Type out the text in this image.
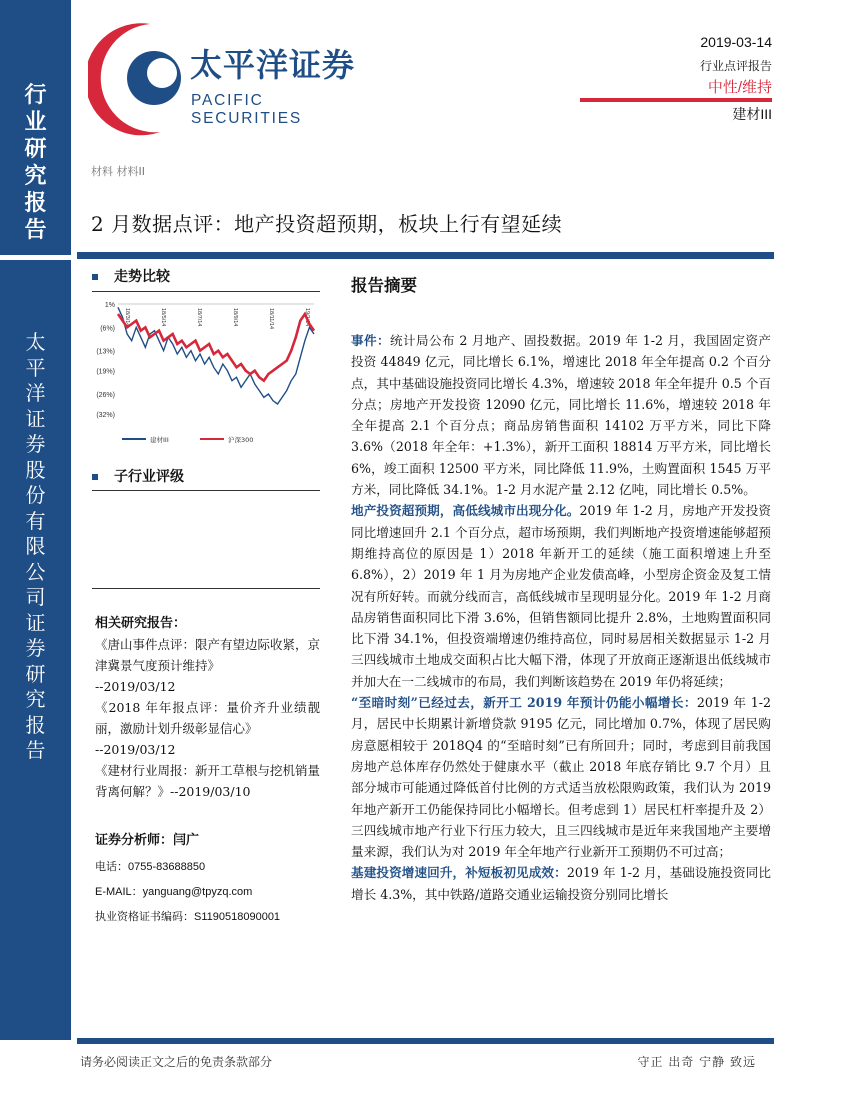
行
业
研
究
报
告
太
平
洋
证
券
股
份
有
限
公
司
证
券
研
究
报
告
太平洋证券
PACIFIC SECURITIES
2019-03-14
行业点评报告
中性/维持
建材III
材料 材料II
2 月数据点评：地产投资超预期，板块上行有望延续
走势比较
1%
(6%)
(13%)
(19%)
(26%)
(32%)
18/3/14	18/5/14	18/7/14	18/9/14	18/11/14	19/1/14
建材III	沪深300
子行业评级
相关研究报告：
《唐山事件点评：限产有望边际收紧，京津冀景气度预计维持》
--2019/03/12
《2018 年年报点评：量价齐升业绩靓丽，激励计划升级彰显信心》
--2019/03/12
《建材行业周报：新开工草根与挖机销量背离何解？》--2019/03/10
证券分析师：闫广
电话：0755-83688850
E-MAIL：yanguang@tpyzq.com
执业资格证书编码：S1190518090001
报告摘要

事件：统计局公布 2 月地产、固投数据。2019 年 1-2 月，我国固定资产投资 44849 亿元，同比增长 6.1%，增速比 2018 年全年提高 0.2 个百分点，其中基础设施投资同比增长 4.3%，增速较 2018 年全年提升 0.5 个百分点；房地产开发投资 12090 亿元，同比增长 11.6%，增速较 2018 年全年提高 2.1 个百分点；商品房销售面积 14102 万平方米，同比下降 3.6%（2018 年全年：+1.3%），新开工面积 18814 万平方米，同比增长 6%，竣工面积 12500 平方米，同比降低 11.9%，土购置面积 1545 万平方米，同比降低 34.1%。1-2 月水泥产量 2.12 亿吨，同比增长 0.5%。

地产投资超预期，高低线城市出现分化。2019 年 1-2 月，房地产开发投资同比增速回升 2.1 个百分点，超市场预期，我们判断地产投资增速能够超预期维持高位的原因是 1）2018 年新开工的延续（施工面积增速上升至 6.8%），2）2019 年 1 月为房地产企业发债高峰，小型房企资金及复工情况有所好转。而就分线而言，高低线城市呈现明显分化。2019 年 1-2 月商品房销售面积同比下滑 3.6%，但销售额同比提升 2.8%，土地购置面积同比下滑 34.1%，但投资端增速仍维持高位，同时易居相关数据显示 1-2 月三四线城市土地成交面积占比大幅下滑，体现了开放商正逐渐退出低线城市并加大在一二线城市的布局，我们判断该趋势在 2019 年仍将延续；

“至暗时刻”已经过去，新开工 2019 年预计仍能小幅增长：2019 年 1-2 月，居民中长期累计新增贷款 9195 亿元，同比增加 0.7%，体现了居民购房意愿相较于 2018Q4 的“至暗时刻”已有所回升；同时，考虑到目前我国房地产总体库存仍然处于健康水平（截止 2018 年底存销比 9.7 个月）且部分城市可能通过降低首付比例的方式适当放松限购政策，我们认为 2019 年地产新开工仍能保持同比小幅增长。但考虑到 1）居民杠杆率提升及 2）三四线城市地产行业下行压力较大，且三四线城市是近年来我国地产主要增量来源，我们认为对 2019 年全年地产行业新开工预期仍不可过高；

基建投资增速回升，补短板初见成效：2019 年 1-2 月，基础设施投资同比增长 4.3%，其中铁路/道路交通业运输投资分别同比增长

请务必阅读正文之后的免责条款部分	守正 出奇 宁静 致远
